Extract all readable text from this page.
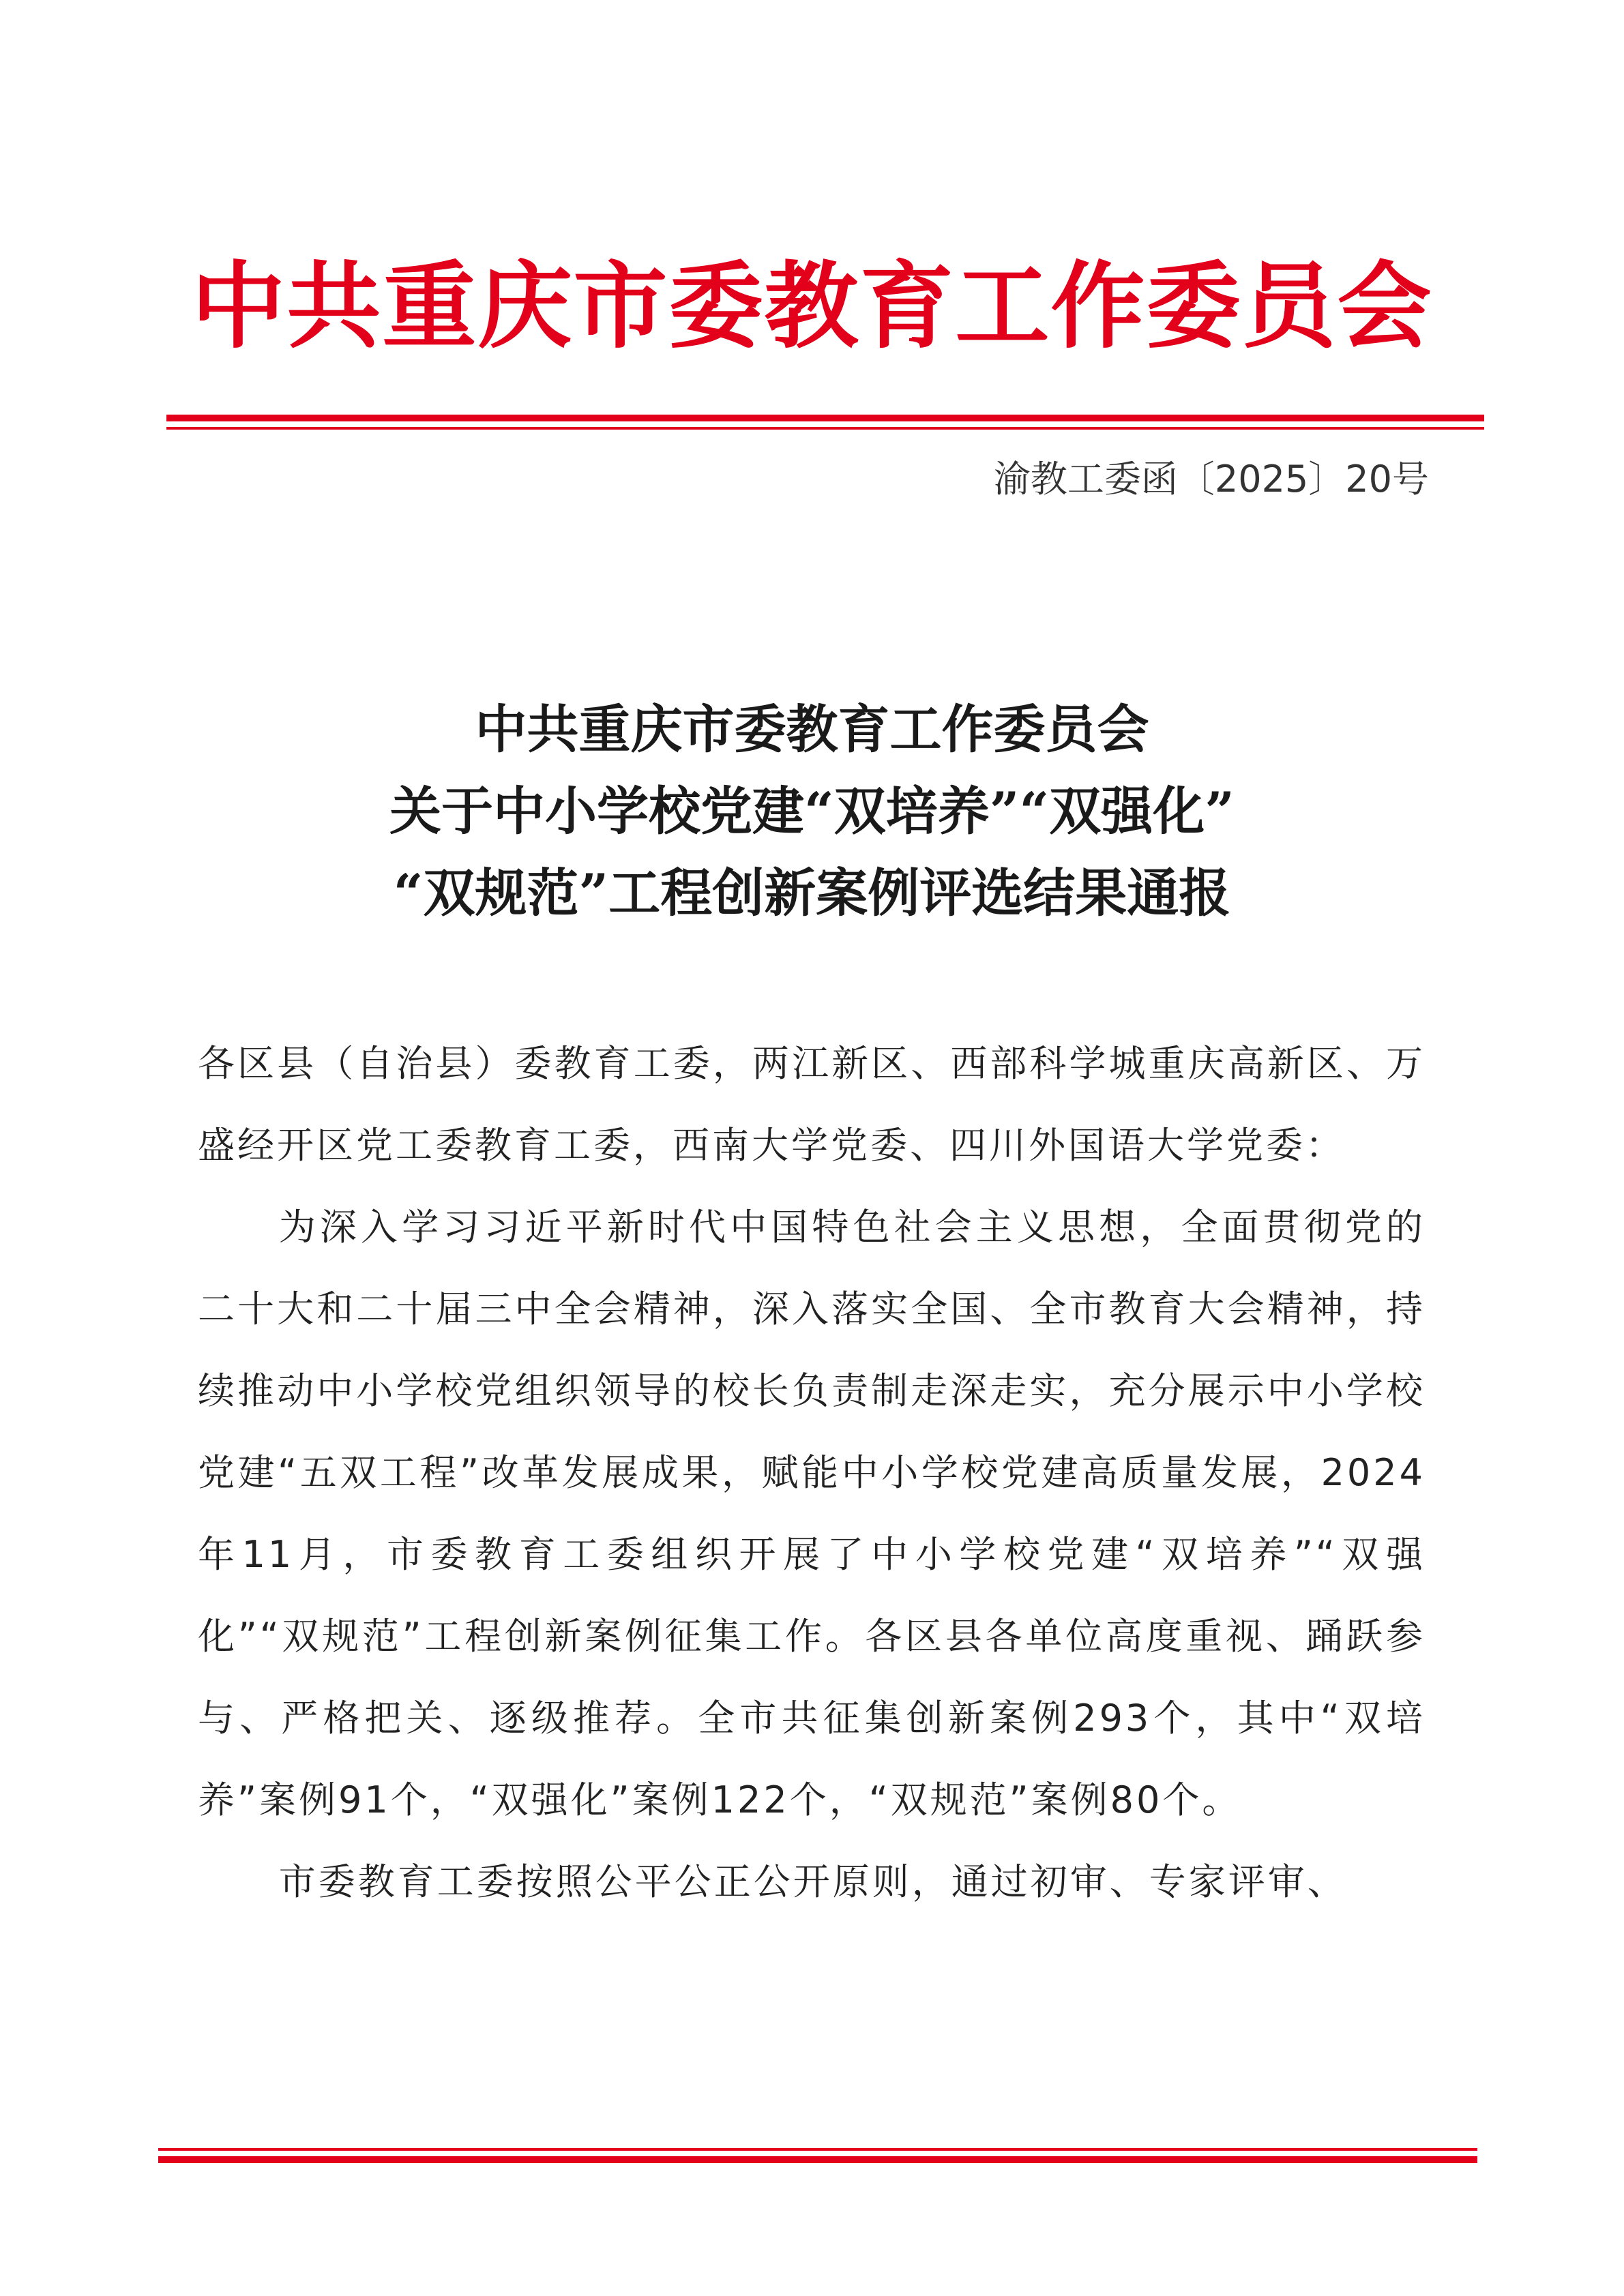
中共重庆市委教育工作委员会
渝教工委函〔2025〕20号
中共重庆市委教育工作委员会
关于中小学校党建“双培养”“双强化”
“双规范”工程创新案例评选结果通报

各区县（自治县）委教育工委，两江新区、西部科学城重庆高新区、万盛经开区党工委教育工委，西南大学党委、四川外国语大学党委：

为深入学习习近平新时代中国特色社会主义思想，全面贯彻党的二十大和二十届三中全会精神，深入落实全国、全市教育大会精神，持续推动中小学校党组织领导的校长负责制走深走实，充分展示中小学校党建“五双工程”改革发展成果，赋能中小学校党建高质量发展，2024年11月，市委教育工委组织开展了中小学校党建“双培养”“双强化”“双规范”工程创新案例征集工作。各区县各单位高度重视、踊跃参与、严格把关、逐级推荐。全市共征集创新案例293个，其中“双培养”案例91个，“双强化”案例122个，“双规范”案例80个。

市委教育工委按照公平公正公开原则，通过初审、专家评审、
